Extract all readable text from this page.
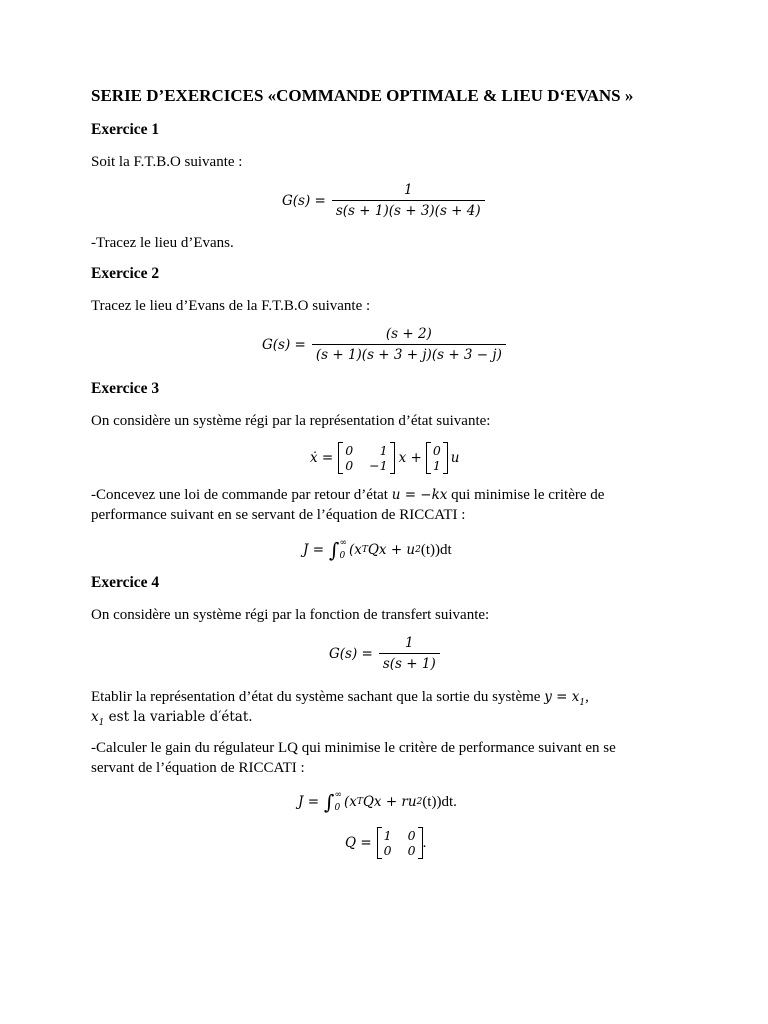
SERIE D’EXERCICES «COMMANDE OPTIMALE & LIEU D‘EVANS »
Exercice 1
Soit la F.T.B.O suivante :
$G(s) = \frac{1}{s(s + 1)(s + 3)(s + 4)}$
-Tracez le lieu d’Evans.
Exercice 2
Tracez le lieu d’Evans de la F.T.B.O suivante :
$G(s) = \frac{(s + 2)}{(s + 1)(s + 3 + j)(s + 3 - j)}$
Exercice 3
On considère un système régi par la représentation d’état suivante:
ẋ = 0 1
0 −1 x + 0
1 u
-Concevez une loi de commande par retour d’état u = −kx qui minimise le critère de
performance suivant en se servant de l’équation de RICCATI :
J = ∫ ∞
0 (x T Qx + u 2 (t))dt
Exercice 4
On considère un système régi par la fonction de transfert suivante:
$G(s) = \frac{1}{s(s + 1)}$
Etablir la représentation d’état du système sachant que la sortie du système $y = x_1$,
$x_1$ est la variable d′état.
-Calculer le gain du régulateur LQ qui minimise le critère de performance suivant en se
servant de l’équation de RICCATI :
J = ∫ ∞
0 (x T Qx + ru 2 (t))dt.
Q = 1 0
0 0 .
